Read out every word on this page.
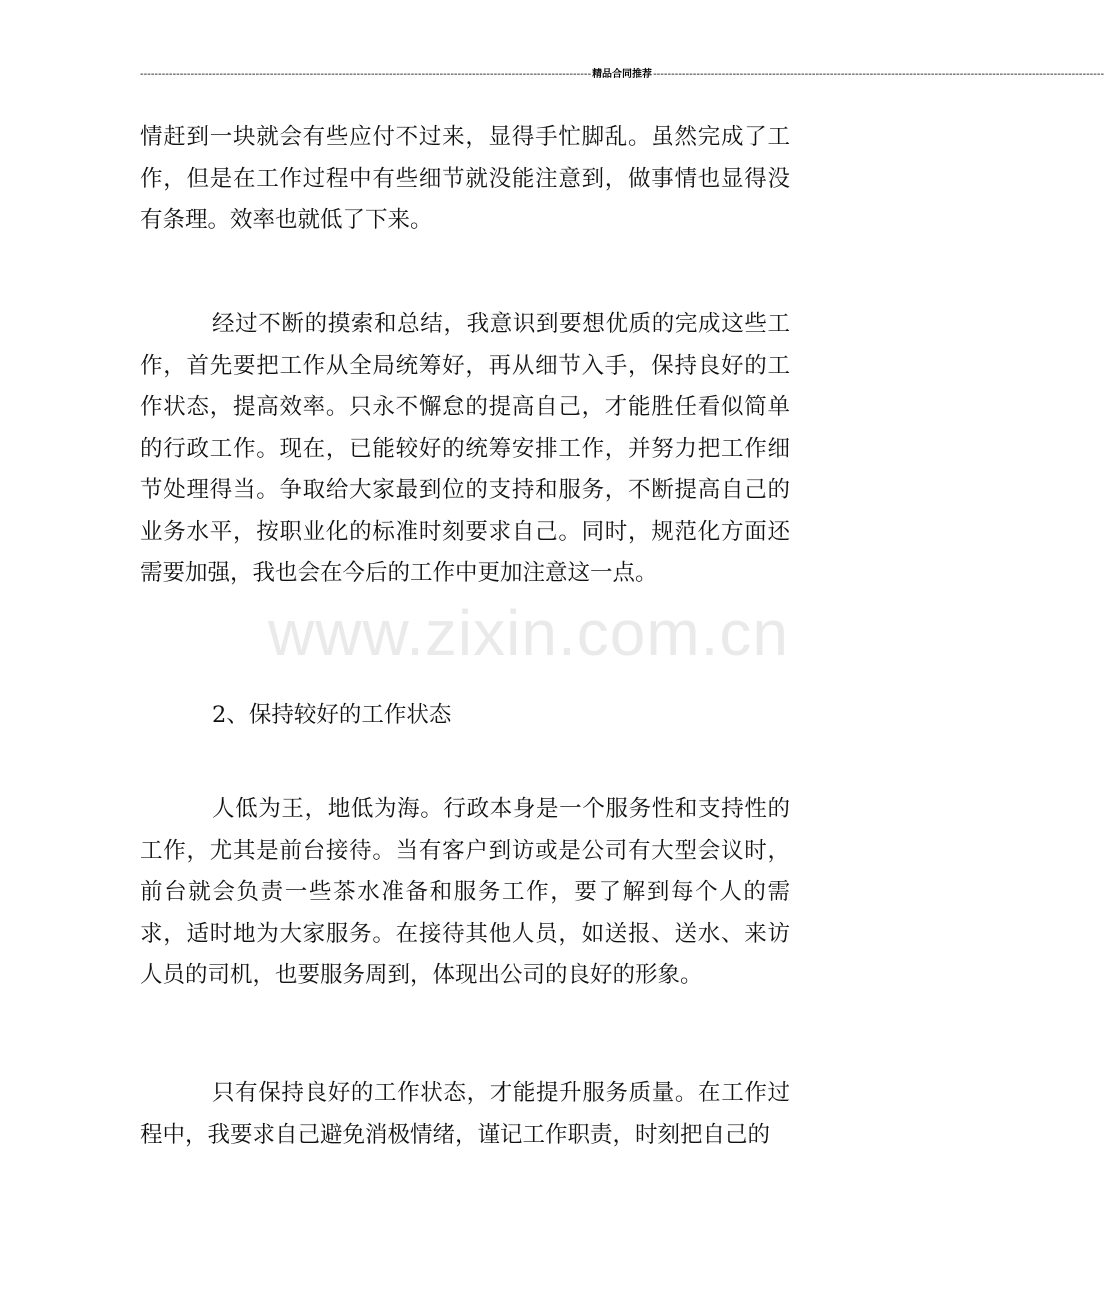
----------------------------------------------------------------------------------------------------------------------------- 精品合同推荐 -----------------------------------------------------------------------------------------------------------------------------

情赶到一块就会有些应付不过来，显得手忙脚乱。虽然完成了工作，但是在工作过程中有些细节就没能注意到，做事情也显得没有条理。效率也就低了下来。

经过不断的摸索和总结，我意识到要想优质的完成这些工作，首先要把工作从全局统筹好，再从细节入手，保持良好的工作状态，提高效率。只永不懈怠的提高自己，才能胜任看似简单的行政工作。现在，已能较好的统筹安排工作，并努力把工作细节处理得当。争取给大家最到位的支持和服务，不断提高自己的业务水平，按职业化的标准时刻要求自己。同时，规范化方面还需要加强，我也会在今后的工作中更加注意这一点。

2、保持较好的工作状态

人低为王，地低为海。行政本身是一个服务性和支持性的工作，尤其是前台接待。当有客户到访或是公司有大型会议时，前台就会负责一些茶水准备和服务工作，要了解到每个人的需求，适时地为大家服务。在接待其他人员，如送报、送水、来访人员的司机，也要服务周到，体现出公司的良好的形象。

只有保持良好的工作状态，才能提升服务质量。在工作过程中，我要求自己避免消极情绪，谨记工作职责，时刻把自己的

www.zixin.com.cn
